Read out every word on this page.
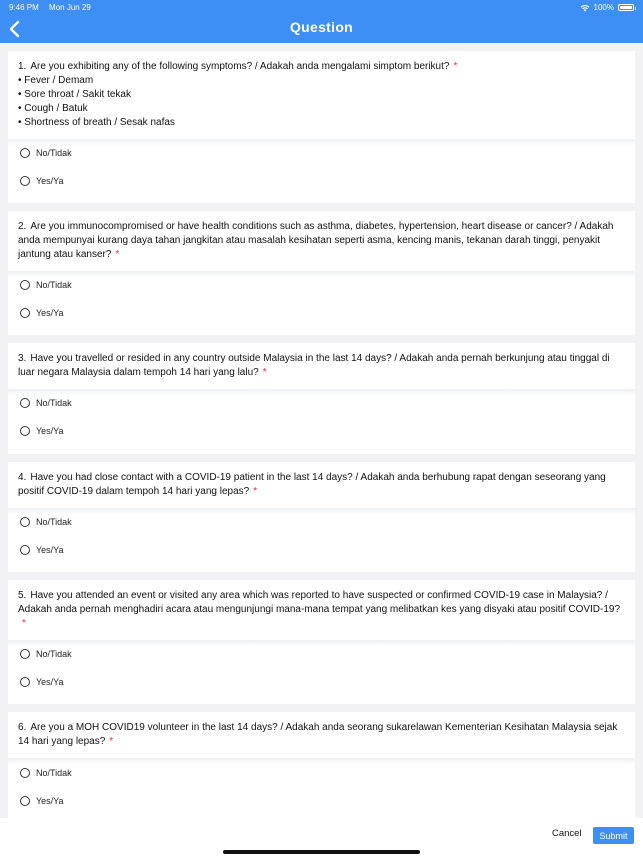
9:46 PM Mon Jun 29	100%
Question
1. Are you exhibiting any of the following symptoms? / Adakah anda mengalami simptom berikut? *
• Fever / Demam
• Sore throat / Sakit tekak
• Cough / Batuk
• Shortness of breath / Sesak nafas
No/Tidak
Yes/Ya
2. Are you immunocompromised or have health conditions such as asthma, diabetes, hypertension, heart disease or cancer? / Adakah anda mempunyai kurang daya tahan jangkitan atau masalah kesihatan seperti asma, kencing manis, tekanan darah tinggi, penyakit jantung atau kanser? *
No/Tidak
Yes/Ya
3. Have you travelled or resided in any country outside Malaysia in the last 14 days? / Adakah anda pernah berkunjung atau tinggal di luar negara Malaysia dalam tempoh 14 hari yang lalu? *
No/Tidak
Yes/Ya
4. Have you had close contact with a COVID-19 patient in the last 14 days? / Adakah anda berhubung rapat dengan seseorang yang positif COVID-19 dalam tempoh 14 hari yang lepas? *
No/Tidak
Yes/Ya
5. Have you attended an event or visited any area which was reported to have suspected or confirmed COVID-19 case in Malaysia? / Adakah anda pernah menghadiri acara atau mengunjungi mana-mana tempat yang melibatkan kes yang disyaki atau positif COVID-19?*
No/Tidak
Yes/Ya
6. Are you a MOH COVID19 volunteer in the last 14 days? / Adakah anda seorang sukarelawan Kementerian Kesihatan Malaysia sejak 14 hari yang lepas? *
No/Tidak
Yes/Ya
Cancel	Submit
